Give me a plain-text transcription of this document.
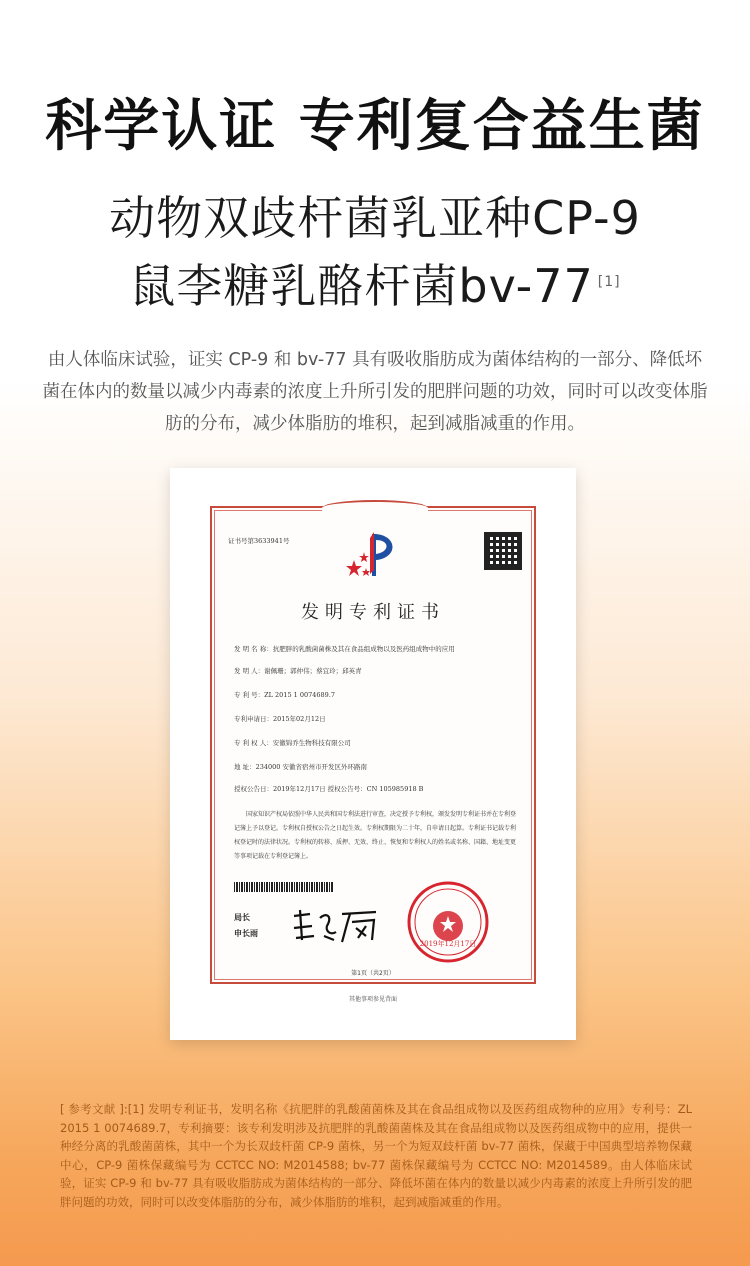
科学认证 专利复合益生菌
动物双歧杆菌乳亚种CP-9
鼠李糖乳酪杆菌bv-77 [1]
由人体临床试验，证实 CP-9 和 bv-77 具有吸收脂肪成为菌体结构的一部分、降低坏菌在体内的数量以减少内毒素的浓度上升所引发的肥胖问题的功效，同时可以改变体脂肪的分布，减少体脂肪的堆积，起到减脂减重的作用。
证书号第3633941号
发明专利证书
发 明 名 称：抗肥胖的乳酸菌菌株及其在食品组成物以及医药组成物中的应用
发 明 人：谢佩珊；郭仲伟；蔡宜玲；邱英青
专 利 号：ZL 2015 1 0074689.7
专利申请日：2015年02月12日
专 利 权 人：安徽锦乔生物科技有限公司
地 址：234000 安徽省宿州市开发区外环路南
授权公告日：2019年12月17日 授权公告号：CN 105985918 B
国家知识产权局依照中华人民共和国专利法进行审查，决定授予专利权，颁发发明专利证书并在专利登记簿上予以登记。专利权自授权公告之日起生效。专利权期限为二十年，自申请日起算。专利证书记载专利权登记时的法律状况。专利权的转移、质押、无效、终止、恢复和专利权人的姓名或名称、国籍、地址变更等事项记载在专利登记簿上。
局长
申长雨
2019年12月17日
第1页（共2页）
其他事项参见背面
[ 参考文献 ]:[1] 发明专利证书，发明名称《抗肥胖的乳酸菌菌株及其在食品组成物以及医药组成物种的应用》专利号：ZL 2015 1 0074689.7，专利摘要：该专利发明涉及抗肥胖的乳酸菌菌株及其在食品组成物以及医药组成物中的应用，提供一种经分离的乳酸菌菌株，其中一个为长双歧杆菌 CP-9 菌株，另一个为短双歧杆菌 bv-77 菌株，保藏于中国典型培养物保藏中心，CP-9 菌株保藏编号为 CCTCC NO: M2014588; bv-77 菌株保藏编号为 CCTCC NO: M2014589。由人体临床试验，证实 CP-9 和 bv-77 具有吸收脂肪成为菌体结构的一部分、降低坏菌在体内的数量以减少内毒素的浓度上升所引发的肥胖问题的功效，同时可以改变体脂肪的分布，减少体脂肪的堆积，起到减脂减重的作用。
